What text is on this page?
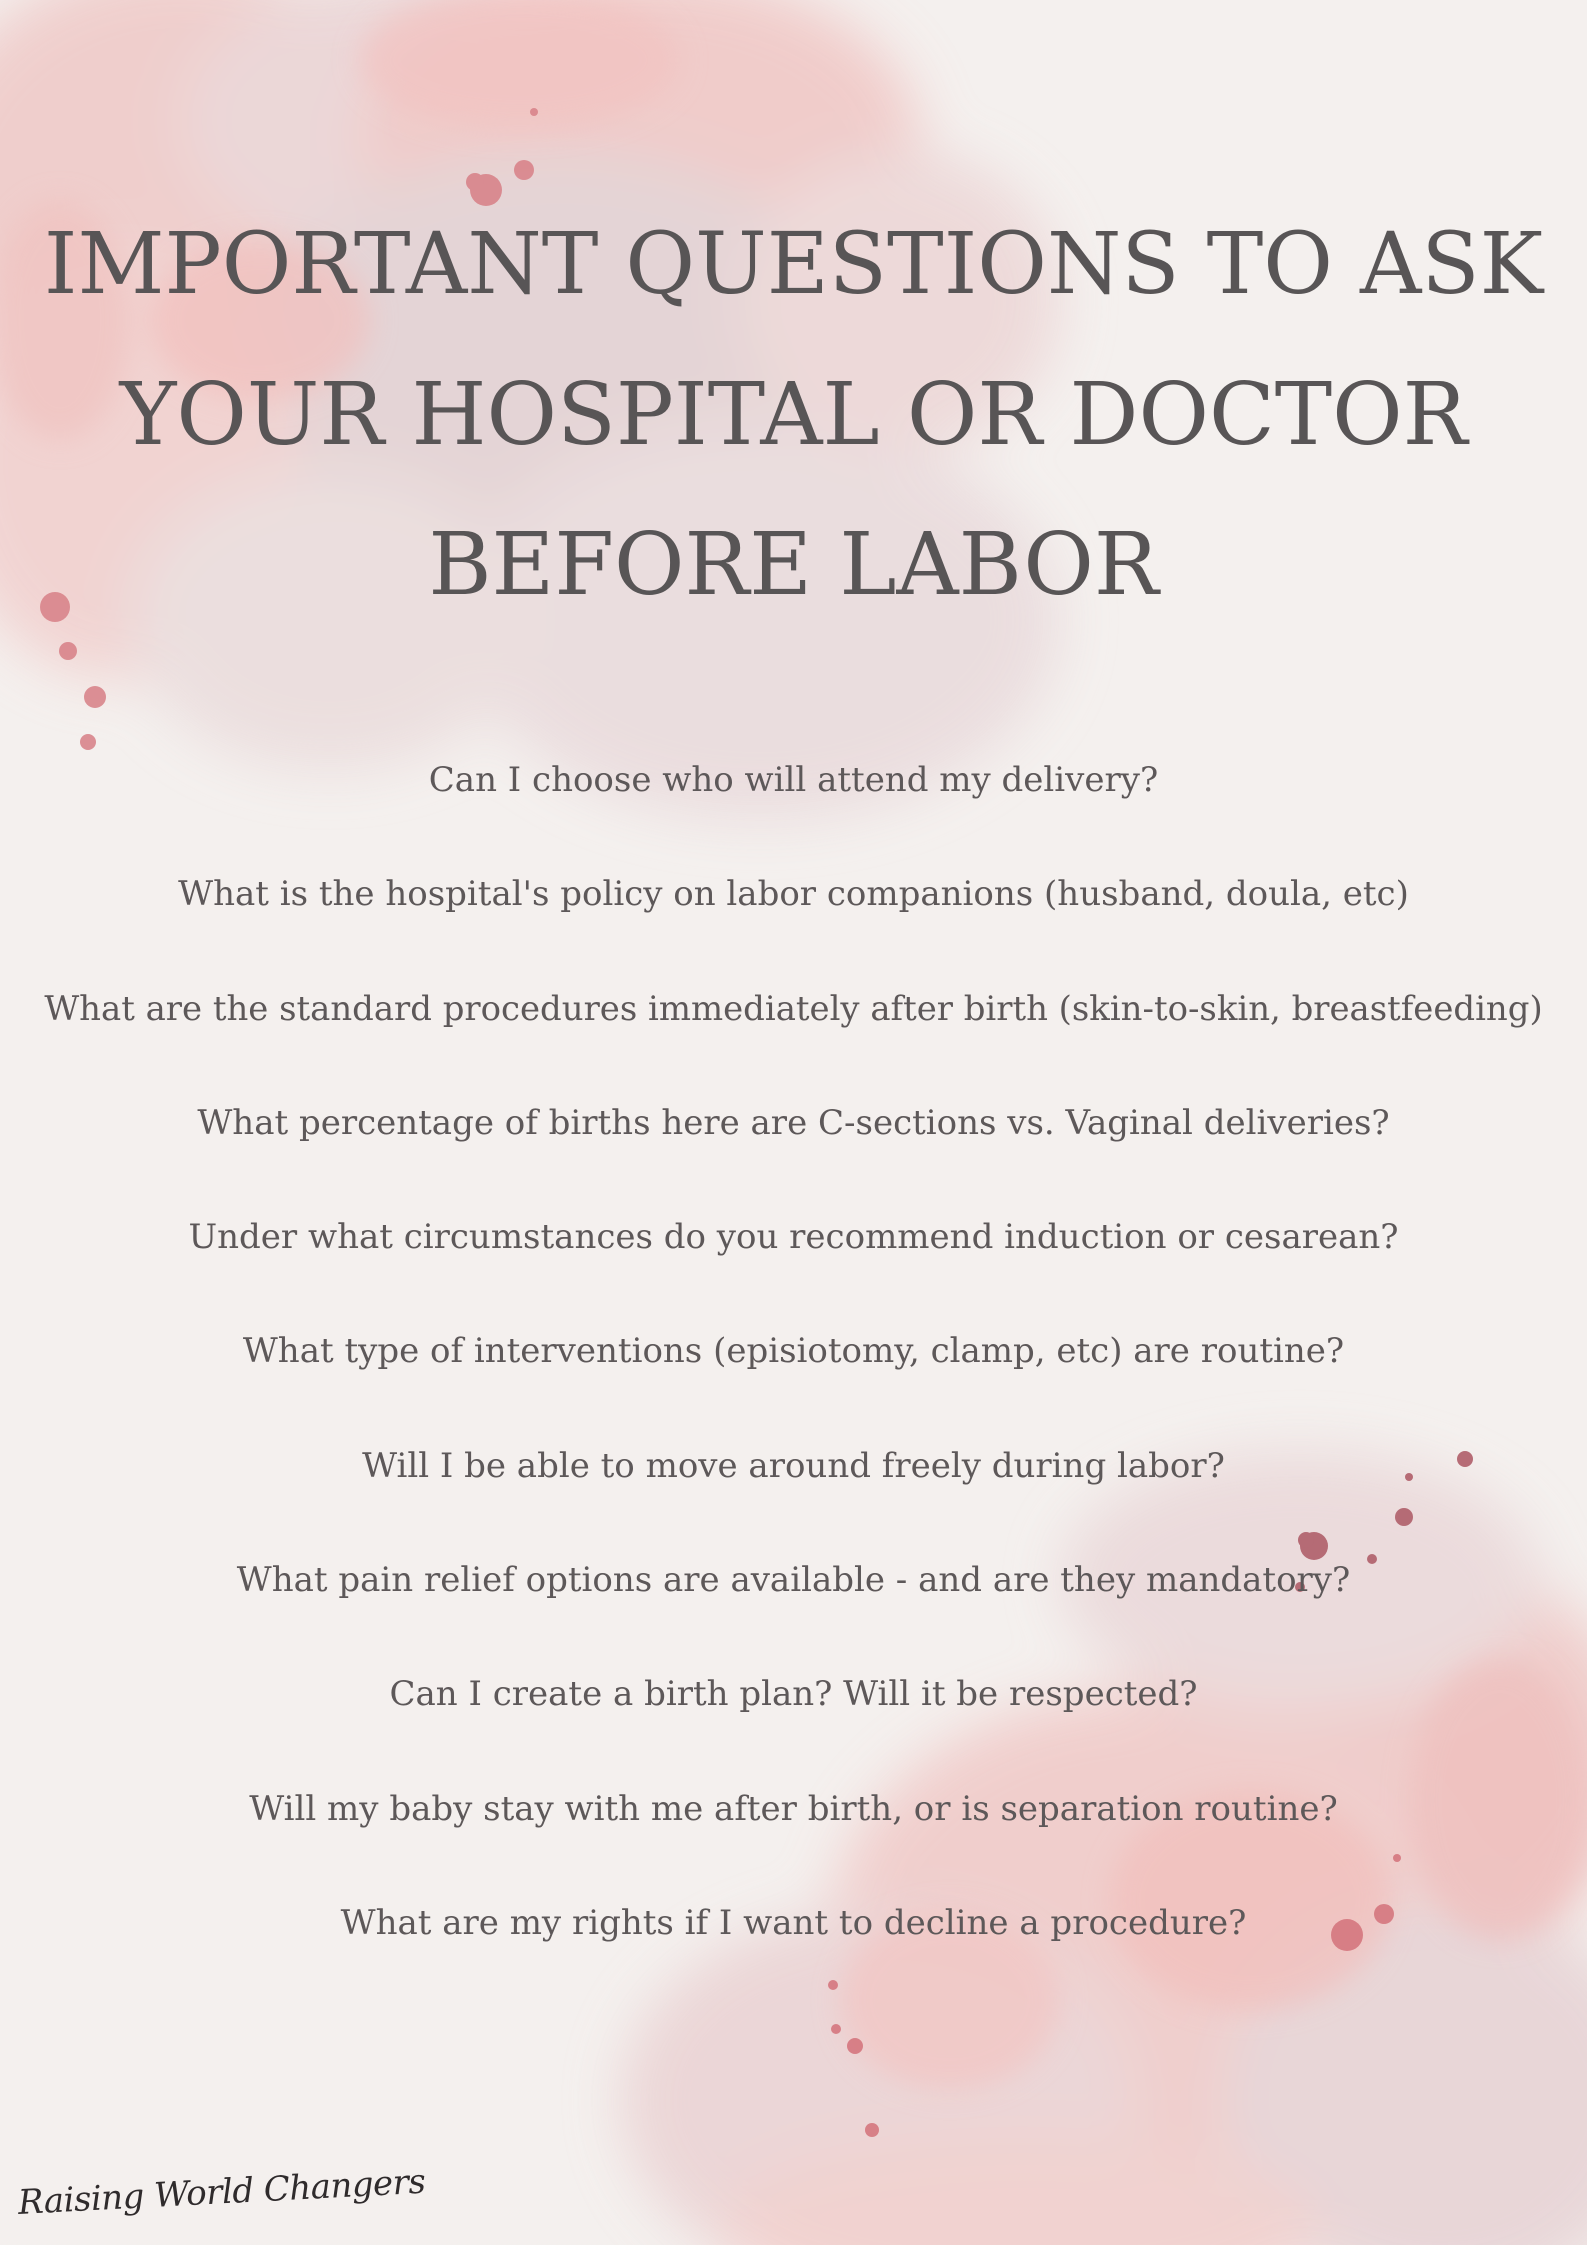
IMPORTANT QUESTIONS TO ASK
YOUR HOSPITAL OR DOCTOR
BEFORE LABOR
Can I choose who will attend my delivery?
What is the hospital's policy on labor companions (husband, doula, etc)
What are the standard procedures immediately after birth (skin-to-skin, breastfeeding)
What percentage of births here are C-sections vs. Vaginal deliveries?
Under what circumstances do you recommend induction or cesarean?
What type of interventions (episiotomy, clamp, etc) are routine?
Will I be able to move around freely during labor?
What pain relief options are available - and are they mandatory?
Can I create a birth plan? Will it be respected?
Will my baby stay with me after birth, or is separation routine?
What are my rights if I want to decline a procedure?
Raising World Changers
